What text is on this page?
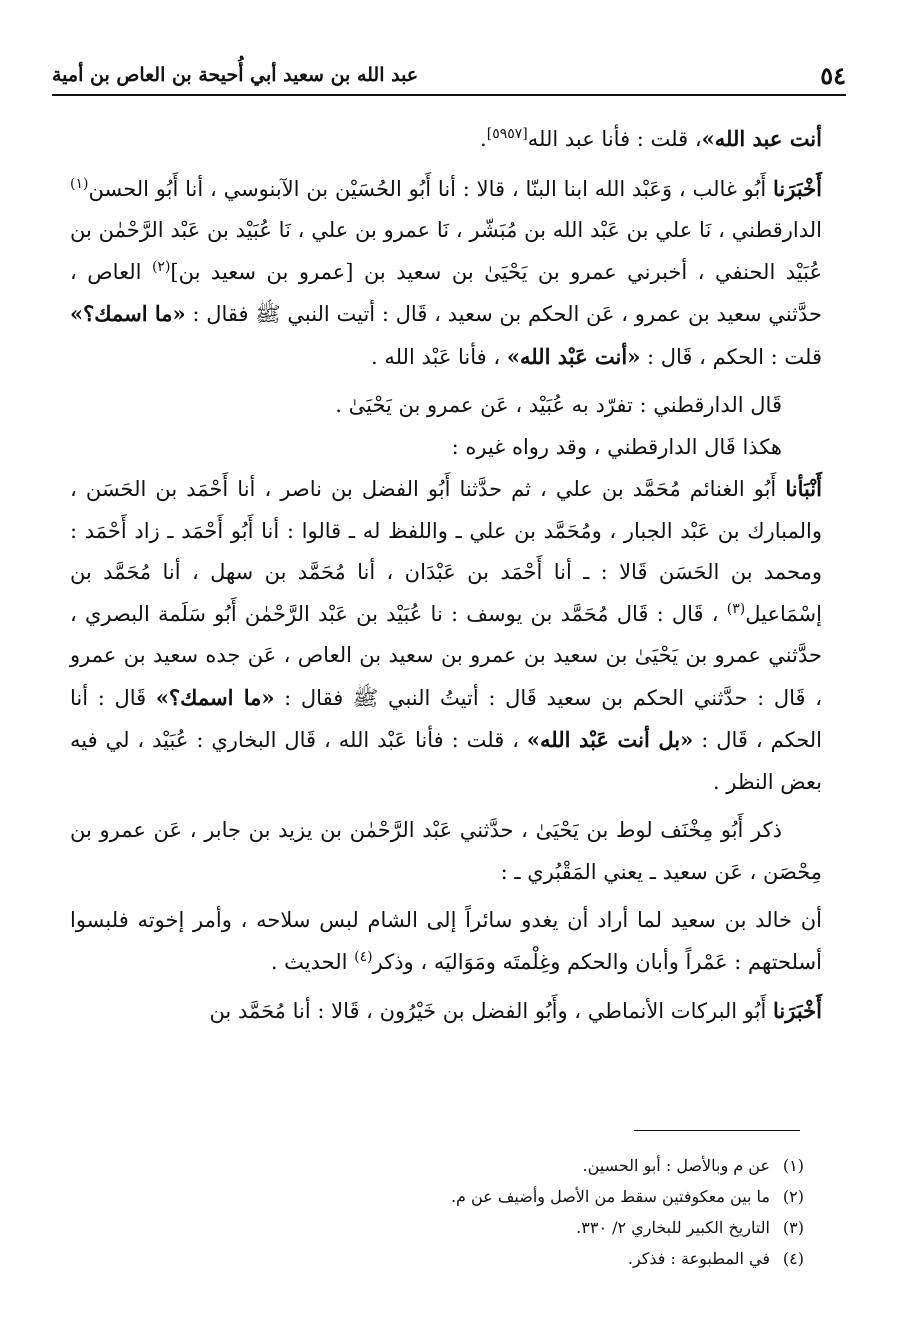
٥٤
عبد الله بن سعيد أبي أُحيحة بن العاص بن أمية

أنت عبد الله»، قلت : فأنا عبد الله[٥٩٥٧].

أَخْبَرَنا أَبُو غالب ، وَعَبْد الله ابنا البنّا ، قالا : أنا أَبُو الحُسَيْن بن الآبنوسي ، أنا أَبُو الحسن$^{(١)}$ الدارقطني ، نَا علي بن عَبْد الله بن مُبَشّر ، نَا عمرو بن علي ، نَا عُبَيْد بن عَبْد الرَّحْمٰن بن عُبَيْد الحنفي ، أخبرني عمرو بن يَحْيَىٰ بن سعيد بن [عمرو بن سعيد بن]$^{(٢)}$ العاص ، حدَّثني سعيد بن عمرو ، عَن الحكم بن سعيد ، قَال : أتيت النبي ﷺ فقال : «ما اسمك؟» قلت : الحكم ، قَال : «أنت عَبْد الله» ، فأنا عَبْد الله .

قَال الدارقطني : تفرّد به عُبَيْد ، عَن عمرو بن يَحْيَىٰ .

هكذا قَال الدارقطني ، وقد رواه غيره :

أَنْبَأنا أَبُو الغنائم مُحَمَّد بن علي ، ثم حدَّثنا أَبُو الفضل بن ناصر ، أنا أَحْمَد بن الحَسَن ، والمبارك بن عَبْد الجبار ، ومُحَمَّد بن علي ـ واللفظ له ـ قالوا : أنا أَبُو أَحْمَد ـ زاد أَحْمَد : ومحمد بن الحَسَن قَالا : ـ أنا أَحْمَد بن عَبْدَان ، أنا مُحَمَّد بن سهل ، أنا مُحَمَّد بن إسْمَاعيل$^{(٣)}$ ، قَال : قَال مُحَمَّد بن يوسف : نا عُبَيْد بن عَبْد الرَّحْمٰن أَبُو سَلَمة البصري ، حدَّثني عمرو بن يَحْيَىٰ بن سعيد بن عمرو بن سعيد بن العاص ، عَن جده سعيد بن عمرو ، قَال : حدَّثني الحكم بن سعيد قَال : أتيتُ النبي ﷺ فقال : «ما اسمك؟» قَال : أنا الحكم ، قَال : «بل أنت عَبْد الله» ، قلت : فأنا عَبْد الله ، قَال البخاري : عُبَيْد ، لي فيه بعض النظر .

ذكر أَبُو مِخْنَف لوط بن يَحْيَىٰ ، حدَّثني عَبْد الرَّحْمٰن بن يزيد بن جابر ، عَن عمرو بن مِحْصَن ، عَن سعيد ـ يعني المَقْبُري ـ :

أن خالد بن سعيد لما أراد أن يغدو سائراً إلى الشام لبس سلاحه ، وأمر إخوته فلبسوا أسلحتهم : عَمْراً وأبان والحكم وغِلْمتَه ومَوَاليَه ، وذكر$^{(٤)}$ الحديث .

أَخْبَرَنا أَبُو البركات الأنماطي ، وأَبُو الفضل بن خَيْرُون ، قَالا : أنا مُحَمَّد بن

(١)عن م وبالأصل : أبو الحسين.

(٢)ما بين معكوفتين سقط من الأصل وأضيف عن م.

(٣)التاريخ الكبير للبخاري ٢/ ٣٣٠.

(٤)في المطبوعة : فذكر.
